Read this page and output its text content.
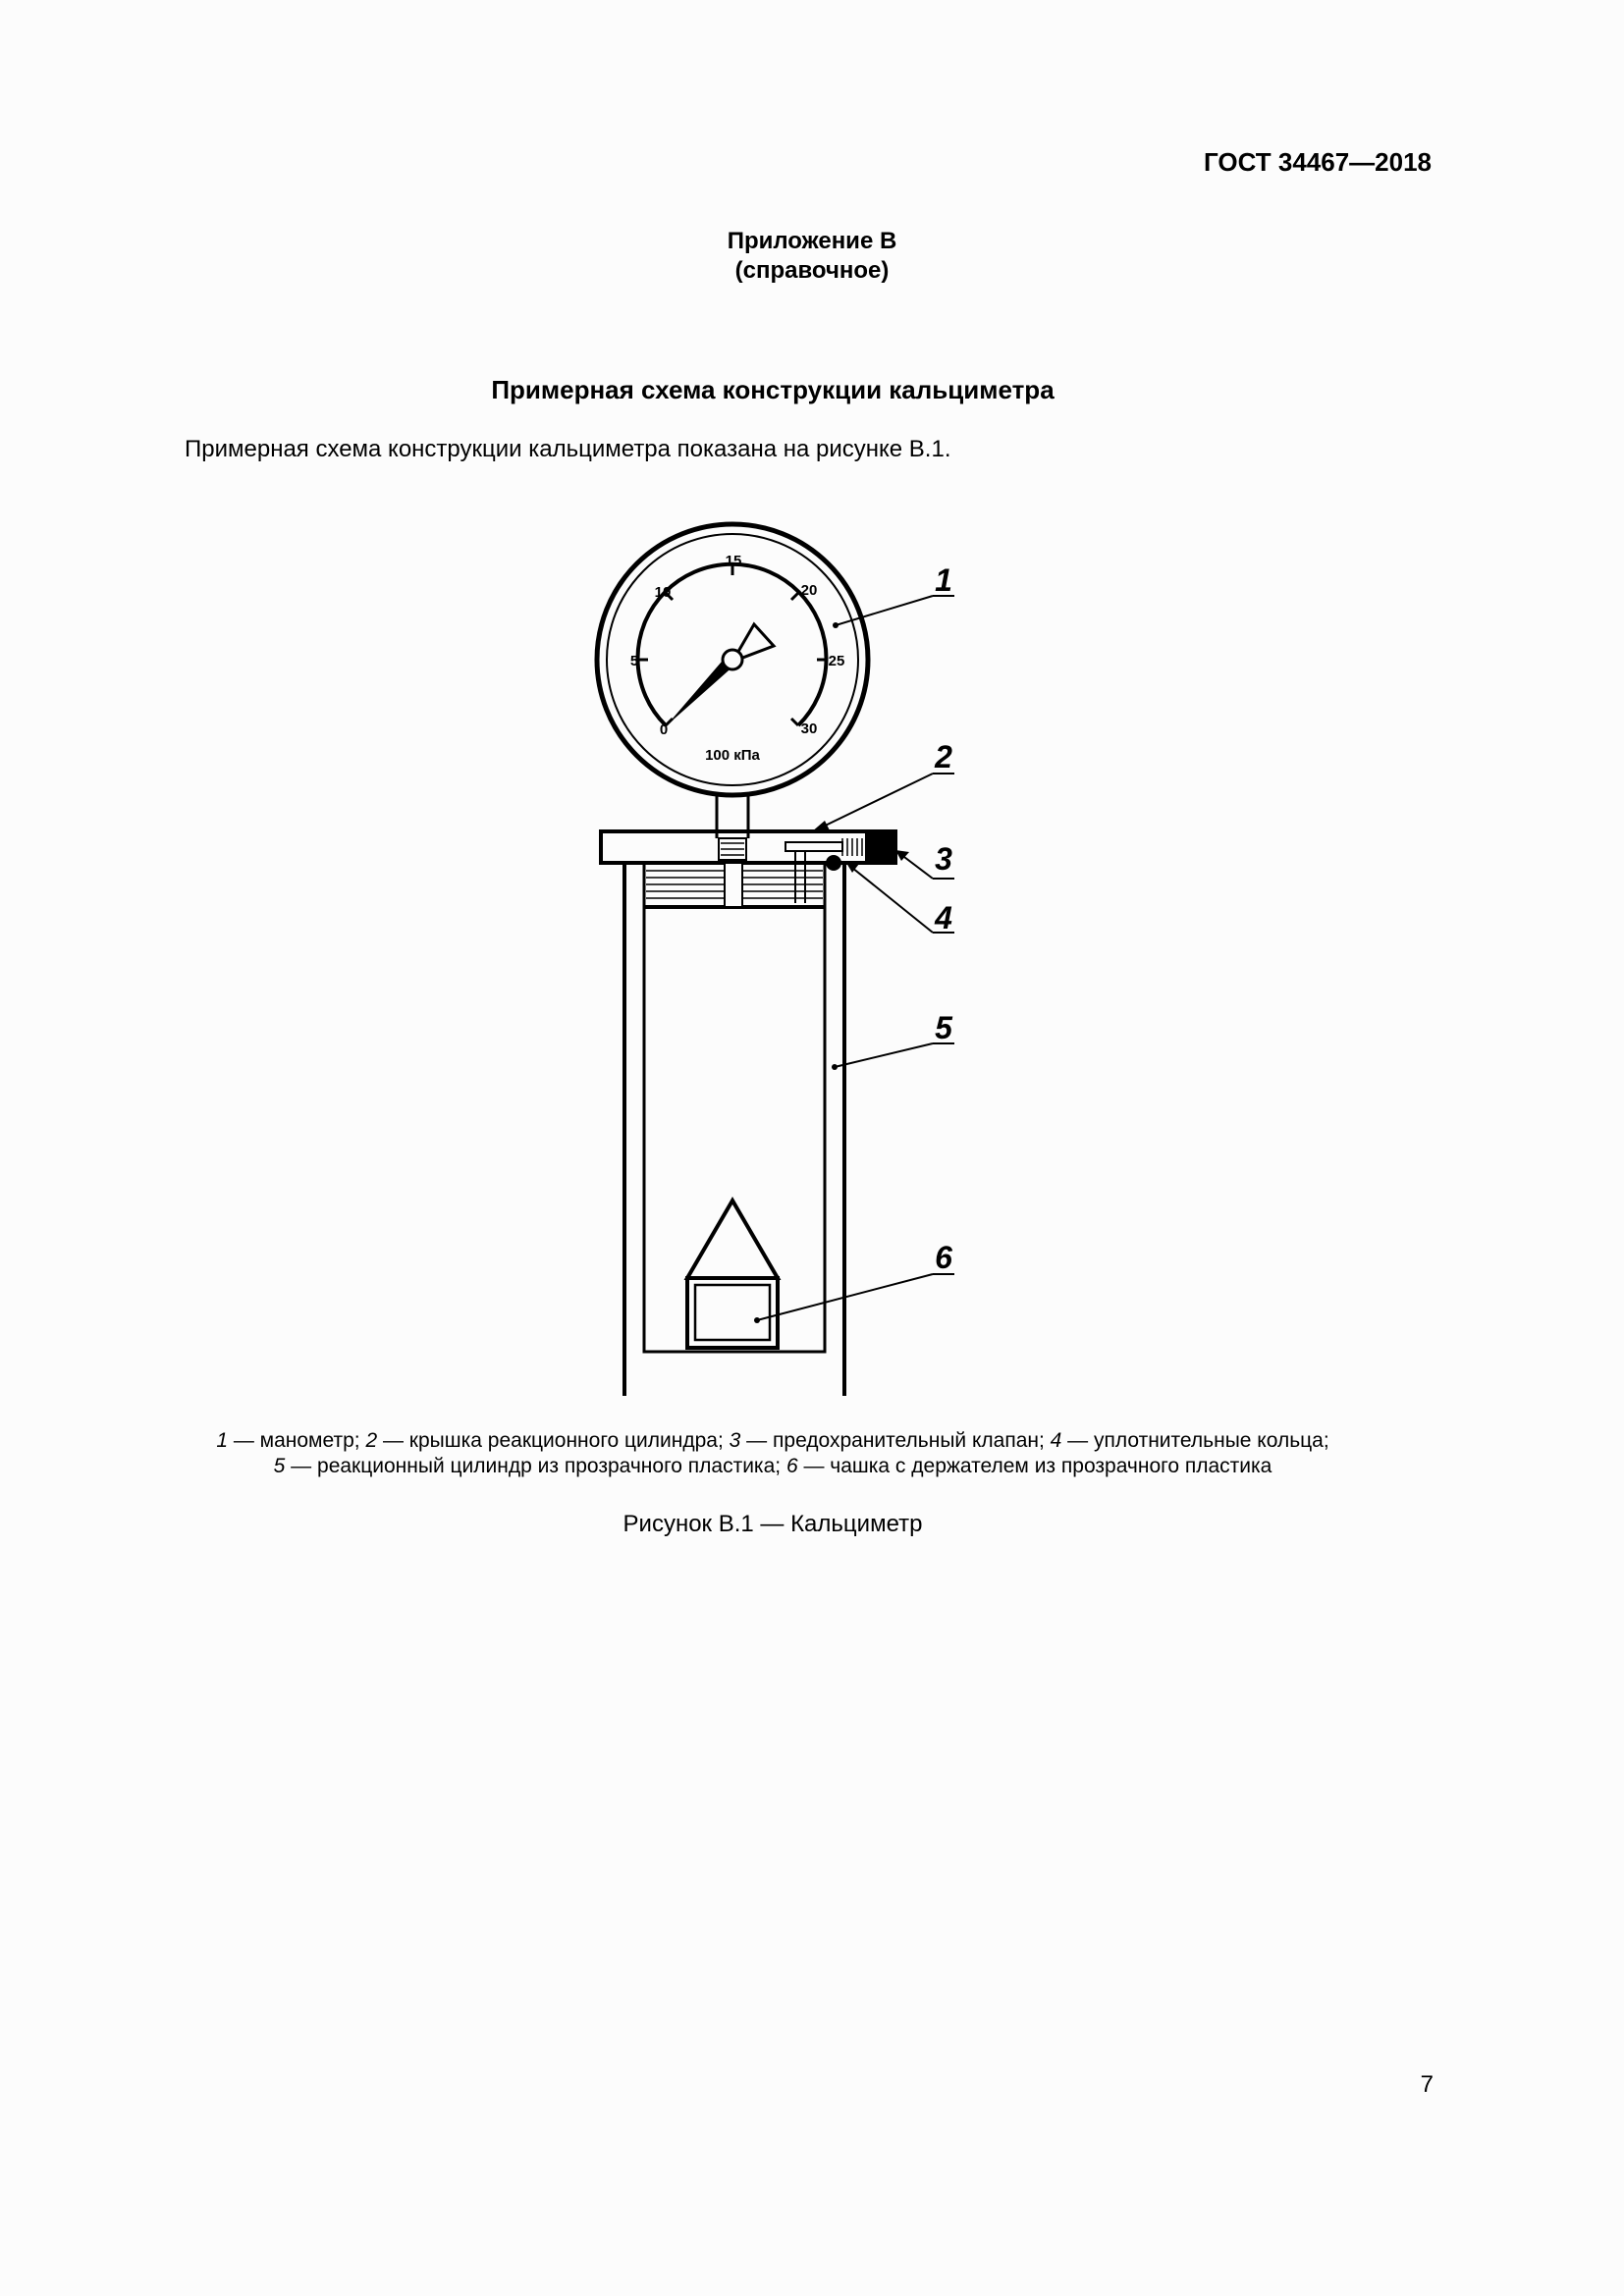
ГОСТ 34467—2018
Приложение В
(справочное)
Примерная схема конструкции кальциметра
Примерная схема конструкции кальциметра показана на рисунке В.1.
0
5
10
15
20
25
30
100 кПа
1
2
3
4
5
6
1 — манометр; 2 — крышка реакционного цилиндра; 3 — предохранительный клапан; 4 — уплотнительные кольца;
5 — реакционный цилиндр из прозрачного пластика; 6 — чашка с держателем из прозрачного пластика
Рисунок В.1 — Кальциметр
7
